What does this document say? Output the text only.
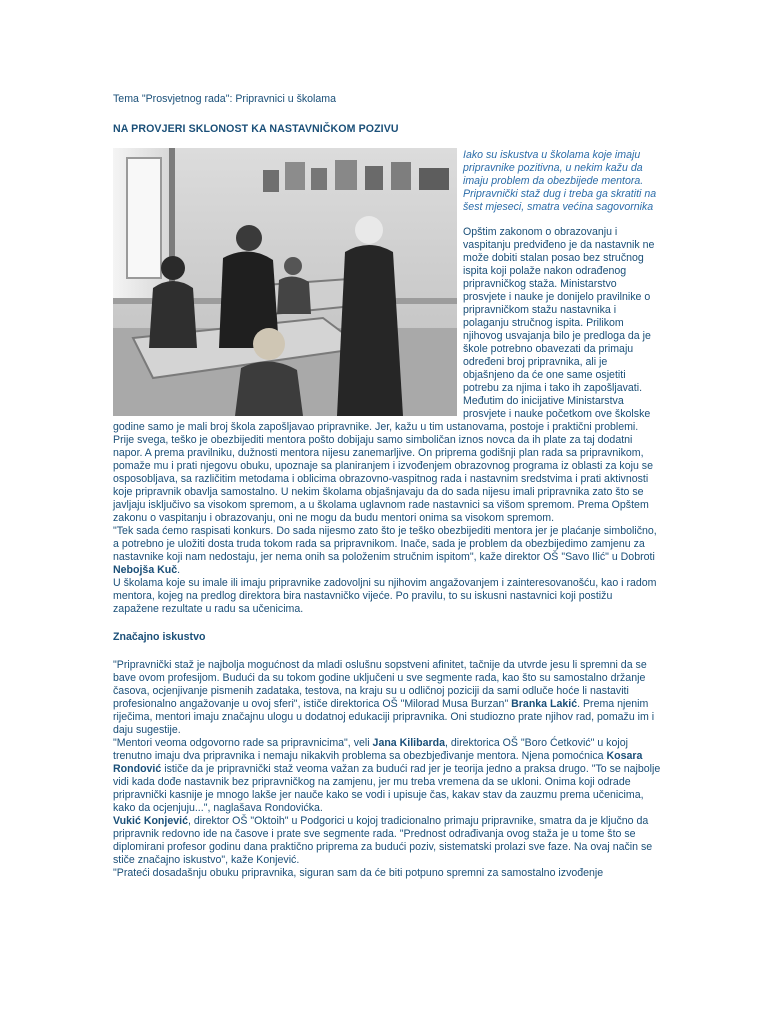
Tema "Prosvjetnog rada": Pripravnici u školama

NA PROVJERI SKLONOST KA NASTAVNIČKOM POZIVU

Iako su iskustva u školama koje imaju pripravnike pozitivna, u nekim kažu da imaju problem da obezbijede mentora. Pripravnički staž dug i treba ga skratiti na šest mjeseci, smatra većina sagovornika

Opštim zakonom o obrazovanju i vaspitanju predviđeno je da nastavnik ne može dobiti stalan posao bez stručnog ispita koji polaže nakon odrađenog pripravničkog staža. Ministarstvo prosvjete i nauke je donijelo pravilnike o pripravničkom stažu nastavnika i polaganju stručnog ispita. Prilikom njihovog usvajanja bilo je predloga da je škole potrebno obavezati da primaju određeni broj pripravnika, ali je objašnjeno da će one same osjetiti potrebu za njima i tako ih zapošljavati.

Međutim do inicijative Ministarstva prosvjete i nauke početkom ove školske godine samo je mali broj škola zapošljavao pripravnike. Jer, kažu u tim ustanovama, postoje i praktični problemi. Prije svega, teško je obezbijediti mentora pošto dobijaju samo simboličan iznos novca da ih plate za taj dodatni napor. A prema pravilniku, dužnosti mentora nijesu zanemarljive. On priprema godišnji plan rada sa pripravnikom, pomaže mu i prati njegovu obuku, upoznaje sa planiranjem i izvođenjem obrazovnog programa iz oblasti za koju se osposobljava, sa različitim metodama i oblicima obrazovno-vaspitnog rada i nastavnim sredstvima i prati aktivnosti koje pripravnik obavlja samostalno. U nekim školama objašnjavaju da do sada nijesu imali pripravnika zato što se javljaju isključivo sa visokom spremom, a u školama uglavnom rade nastavnici sa višom spremom. Prema Opštem zakonu o vaspitanju i obrazovanju, oni ne mogu da budu mentori onima sa visokom spremom.

"Tek sada ćemo raspisati konkurs. Do sada nijesmo zato što je teško obezbijediti mentora jer je plaćanje simbolično, a potrebno je uložiti dosta truda tokom rada sa pripravnikom. Inače, sada je problem da obezbijedimo zamjenu za nastavnike koji nam nedostaju, jer nema onih sa položenim stručnim ispitom", kaže direktor OŠ "Savo Ilić" u Dobroti Nebojša Kuč.

U školama koje su imale ili imaju pripravnike zadovoljni su njihovim angažovanjem i zainteresovanošću, kao i radom mentora, kojeg na predlog direktora bira nastavničko vijeće. Po pravilu, to su iskusni nastavnici koji postižu zapažene rezultate u radu sa učenicima.

Značajno iskustvo

"Pripravnički staž je najbolja mogućnost da mladi oslušnu sopstveni afinitet, tačnije da utvrde jesu li spremni da se bave ovom profesijom. Budući da su tokom godine uključeni u sve segmente rada, kao što su samostalno držanje časova, ocjenjivanje pismenih zadataka, testova, na kraju su u odličnoj poziciji da sami odluče hoće li nastaviti profesionalno angažovanje u ovoj sferi", ističe direktorica OŠ "Milorad Musa Burzan" Branka Lakić. Prema njenim riječima, mentori imaju značajnu ulogu u dodatnoj edukaciji pripravnika. Oni studiozno prate njihov rad, pomažu im i daju sugestije.

"Mentori veoma odgovorno rade sa pripravnicima", veli Jana Kilibarda, direktorica OŠ "Boro Ćetković" u kojoj trenutno imaju dva pripravnika i nemaju nikakvih problema sa obezbjeđivanje mentora. Njena pomoćnica Kosara Rondović ističe da je pripravnički staž veoma važan za budući rad jer je teorija jedno a praksa drugo. "To se najbolje vidi kada dođe nastavnik bez pripravničkog na zamjenu, jer mu treba vremena da se ukloni. Onima koji odrade pripravnički kasnije je mnogo lakše jer nauče kako se vodi i upisuje čas, kakav stav da zauzmu prema učenicima, kako da ocjenjuju...", naglašava Rondovićka.

Vukić Konjević, direktor OŠ "Oktoih" u Podgorici u kojoj tradicionalno primaju pripravnike, smatra da je ključno da pripravnik redovno ide na časove i prate sve segmente rada. "Prednost odrađivanja ovog staža je u tome što se diplomirani profesor godinu dana praktično priprema za budući poziv, sistematski prolazi sve faze. Na ovaj način se stiče značajno iskustvo", kaže Konjević.

"Prateći dosadašnju obuku pripravnika, siguran sam da će biti potpuno spremni za samostalno izvođenje
